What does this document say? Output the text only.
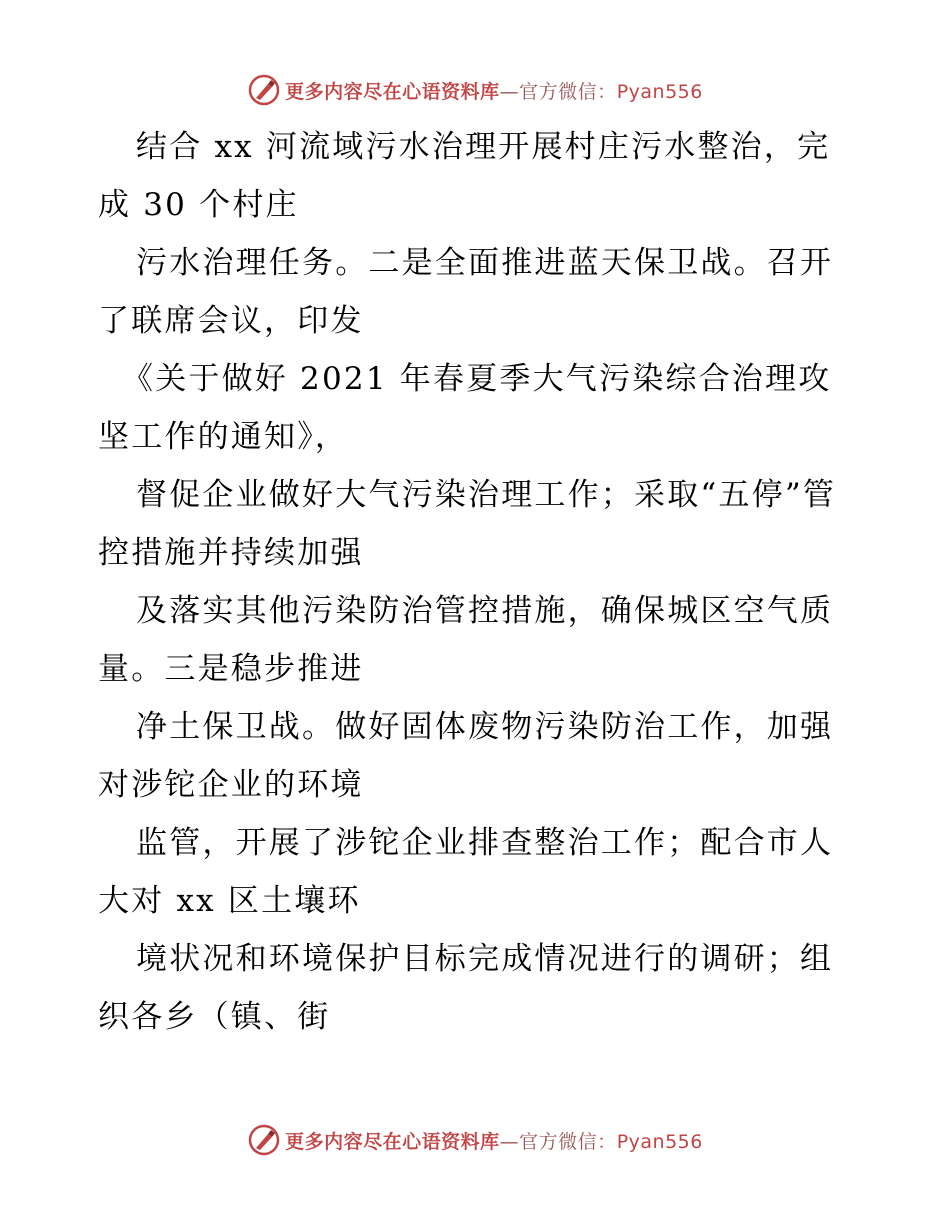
更多内容尽在心语资料库—官方微信：Pyan556

结合 xx 河流域污水治理开展村庄污水整治，完成 30 个村庄

污水治理任务。二是全面推进蓝天保卫战。召开了联席会议，印发

《关于做好 2021 年春夏季大气污染综合治理攻坚工作的通知》，

督促企业做好大气污染治理工作；采取“五停”管控措施并持续加强

及落实其他污染防治管控措施，确保城区空气质量。三是稳步推进

净土保卫战。做好固体废物污染防治工作，加强对涉铊企业的环境

监管，开展了涉铊企业排查整治工作；配合市人大对 xx 区土壤环

境状况和环境保护目标完成情况进行的调研；组织各乡（镇、街

更多内容尽在心语资料库—官方微信：Pyan556
